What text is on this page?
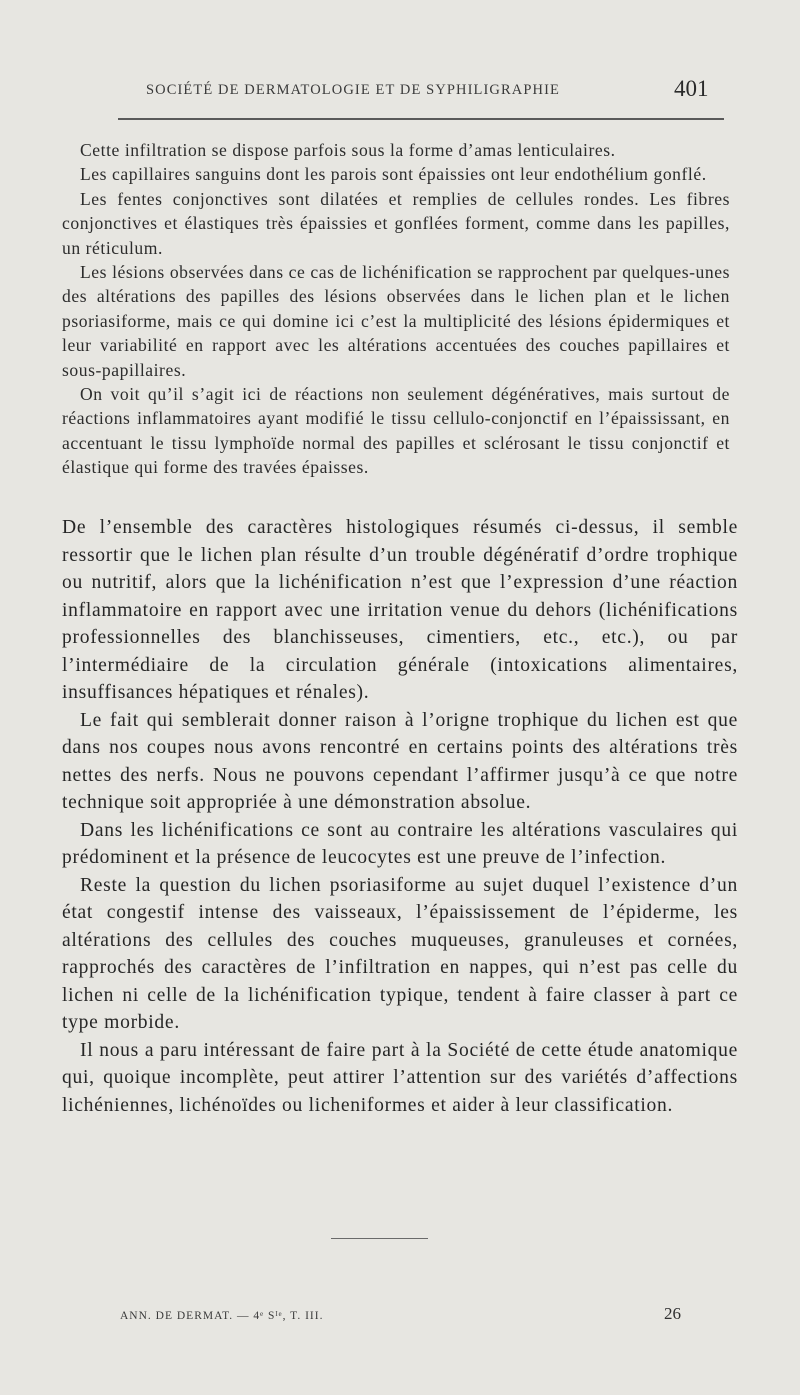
SOCIÉTÉ DE DERMATOLOGIE ET DE SYPHILIGRAPHIE	401

Cette infiltration se dispose parfois sous la forme d’amas lenticulaires.

Les capillaires sanguins dont les parois sont épaissies ont leur endothélium gonflé.

Les fentes conjonctives sont dilatées et remplies de cellules rondes. Les fibres conjonctives et élastiques très épaissies et gonflées forment, comme dans les papilles, un réticulum.

Les lésions observées dans ce cas de lichénification se rapprochent par quelques-unes des altérations des papilles des lésions observées dans le lichen plan et le lichen psoriasiforme, mais ce qui domine ici c’est la multiplicité des lésions épidermiques et leur variabilité en rapport avec les altérations accentuées des couches papillaires et sous-papillaires.

On voit qu’il s’agit ici de réactions non seulement dégénératives, mais surtout de réactions inflammatoires ayant modifié le tissu cellulo-conjonctif en l’épaississant, en accentuant le tissu lymphoïde normal des papilles et sclérosant le tissu conjonctif et élastique qui forme des travées épaisses.

De l’ensemble des caractères histologiques résumés ci-dessus, il semble ressortir que le lichen plan résulte d’un trouble dégénératif d’ordre trophique ou nutritif, alors que la lichénification n’est que l’expression d’une réaction inflammatoire en rapport avec une irritation venue du dehors (lichénifications professionnelles des blanchisseuses, cimentiers, etc., etc.), ou par l’intermédiaire de la circulation générale (intoxications alimentaires, insuffisances hépatiques et rénales).

Le fait qui semblerait donner raison à l’origne trophique du lichen est que dans nos coupes nous avons rencontré en certains points des altérations très nettes des nerfs. Nous ne pouvons cependant l’affirmer jusqu’à ce que notre technique soit appropriée à une démonstration absolue.

Dans les lichénifications ce sont au contraire les altérations vasculaires qui prédominent et la présence de leucocytes est une preuve de l’infection.

Reste la question du lichen psoriasiforme au sujet duquel l’existence d’un état congestif intense des vaisseaux, l’épaississement de l’épiderme, les altérations des cellules des couches muqueuses, granuleuses et cornées, rapprochés des caractères de l’infiltration en nappes, qui n’est pas celle du lichen ni celle de la lichénification typique, tendent à faire classer à part ce type morbide.

Il nous a paru intéressant de faire part à la Société de cette étude anatomique qui, quoique incomplète, peut attirer l’attention sur des variétés d’affections lichéniennes, lichénoïdes ou licheniformes et aider à leur classification.

ANN. DE DERMAT. — 4ᵉ Sᴵᵉ, T. III.	26
